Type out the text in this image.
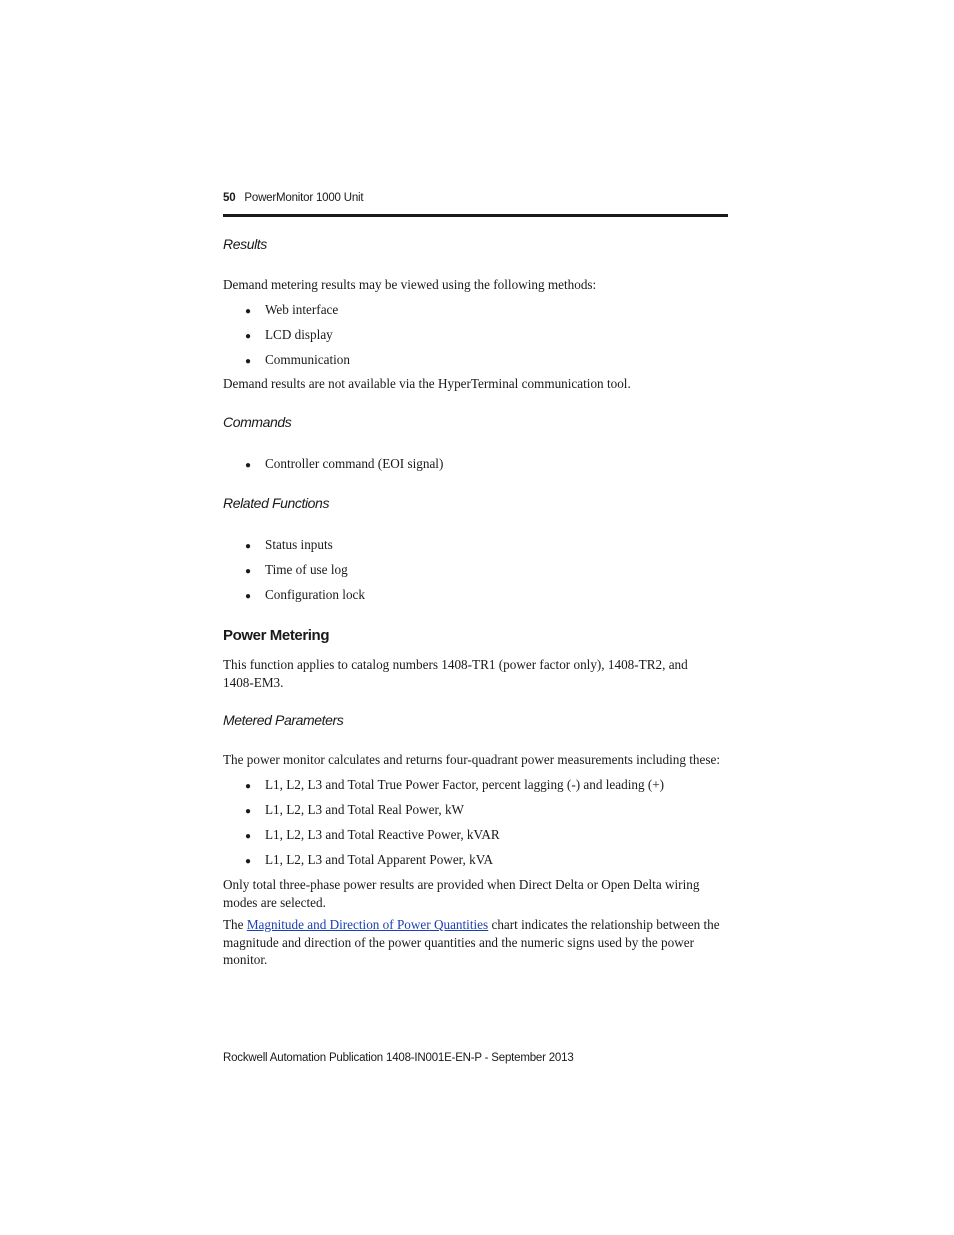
50 PowerMonitor 1000 Unit
Results
Demand metering results may be viewed using the following methods:
● Web interface
● LCD display
● Communication
Demand results are not available via the HyperTerminal communication tool.
Commands
● Controller command (EOI signal)
Related Functions
● Status inputs
● Time of use log
● Configuration lock
Power Metering
This function applies to catalog numbers 1408-TR1 (power factor only), 1408-TR2, and
1408-EM3.
Metered Parameters
The power monitor calculates and returns four-quadrant power measurements including these:
● L1, L2, L3 and Total True Power Factor, percent lagging (-) and leading (+)
● L1, L2, L3 and Total Real Power, kW
● L1, L2, L3 and Total Reactive Power, kVAR
● L1, L2, L3 and Total Apparent Power, kVA
Only total three-phase power results are provided when Direct Delta or Open Delta wiring
modes are selected.
The Magnitude and Direction of Power Quantities chart indicates the relationship between the
magnitude and direction of the power quantities and the numeric signs used by the power
monitor.
Rockwell Automation Publication 1408-IN001E-EN-P - September 2013
